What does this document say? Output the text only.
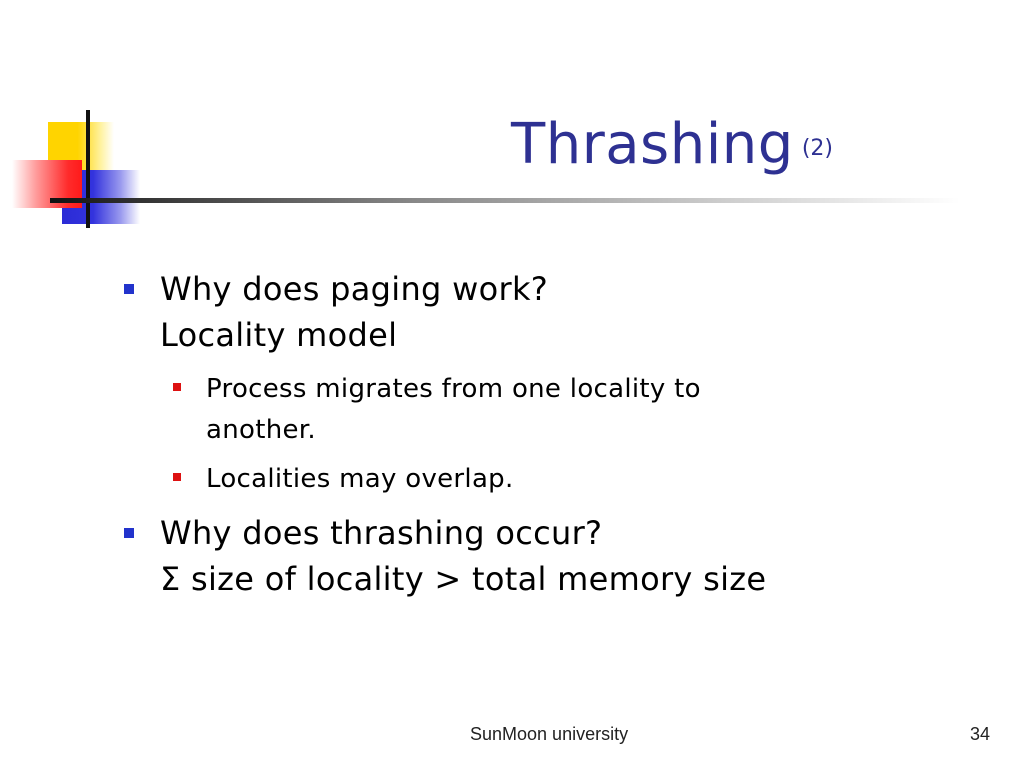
Thrashing (2)
Why does paging work?
Locality model
Process migrates from one locality to
another.
Localities may overlap.
Why does thrashing occur?
Σ size of locality > total memory size
SunMoon university	34
